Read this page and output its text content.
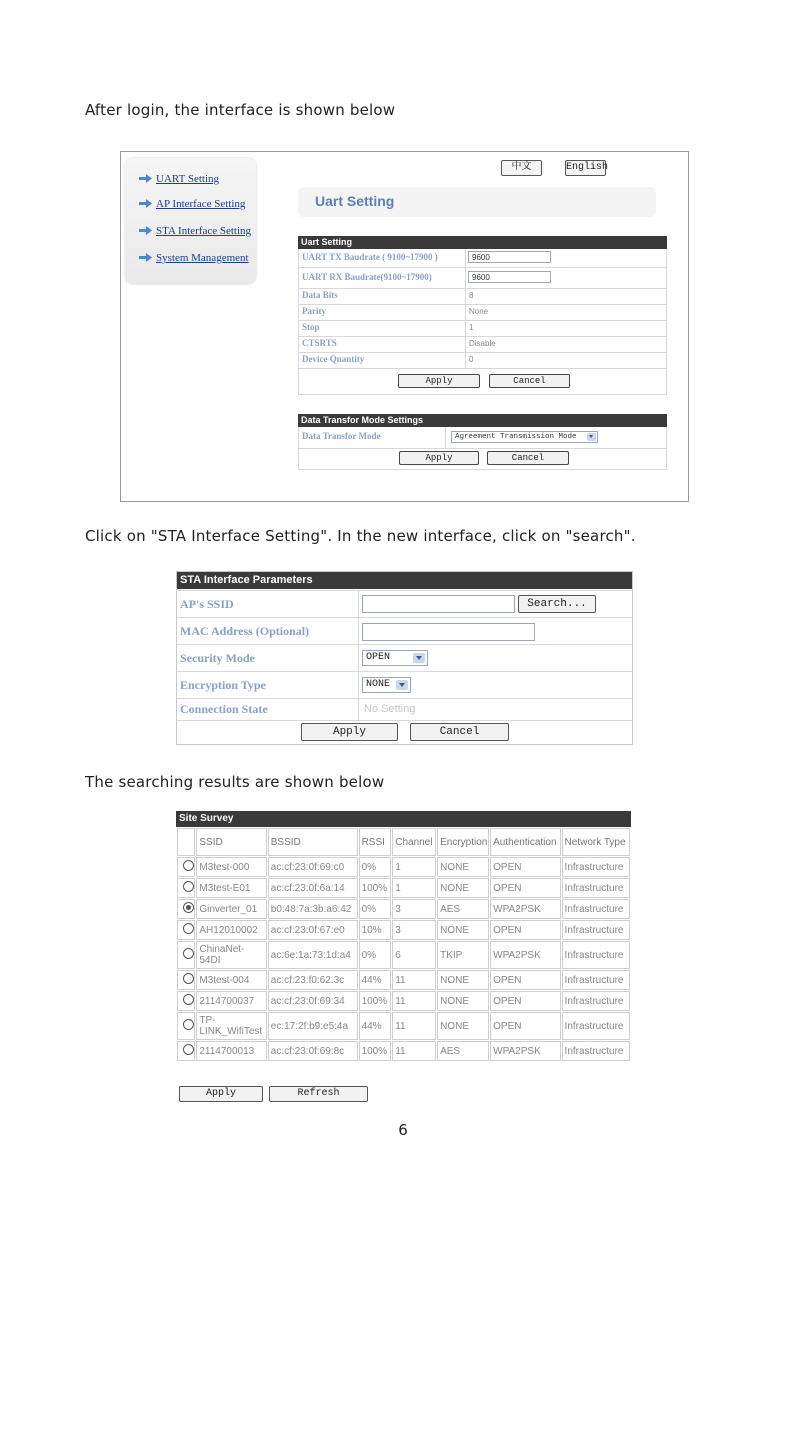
After login, the interface is shown below
UART Setting
AP Interface Setting
STA Interface Setting
System Management
中文	English
Uart Setting
Uart Setting
UART TX Baudrate ( 9100~17900 )	9600
UART RX Baudrate(9100~17900)	9600
Data Bits	8
Parity	None
Stop	1
CTSRTS	Disable
Device Quantity	0
Apply	Cancel
Data Transfor Mode Settings
Data Transfor Mode	Agreement Transmission Mode
Apply	Cancel
Click on "STA Interface Setting". In the new interface, click on "search".
STA Interface Parameters
AP's SSID	Search...
MAC Address (Optional)
Security Mode	OPEN
Encryption Type	NONE
Connection State	No Setting
Apply	Cancel
The searching results are shown below
Site Survey
	SSID	BSSID	RSSI	Channel	Encryption	Authentication	Network Type
	M3test-000	ac:cf:23:0f:69:c0	0%	1	NONE	OPEN	Infrastructure
	M3test-E01	ac:cf:23:0f:6a:14	100%	1	NONE	OPEN	Infrastructure
	Ginverter_01	b0:48:7a:3b:a6:42	0%	3	AES	WPA2PSK	Infrastructure
	AH12010002	ac:cf:23:0f:67:e0	10%	3	NONE	OPEN	Infrastructure
	ChinaNet-54DI	ac:6e:1a:73:1d:a4	0%	6	TKIP	WPA2PSK	Infrastructure
	M3test-004	ac:cf:23:f0:62:3c	44%	11	NONE	OPEN	Infrastructure
	2114700037	ac:cf:23:0f:69:34	100%	11	NONE	OPEN	Infrastructure
	TP-LINK_WifiTest	ec:17:2f:b9:e5:4a	44%	11	NONE	OPEN	Infrastructure
	2114700013	ac:cf:23:0f:69:8c	100%	11	AES	WPA2PSK	Infrastructure
Apply	Refresh
6
